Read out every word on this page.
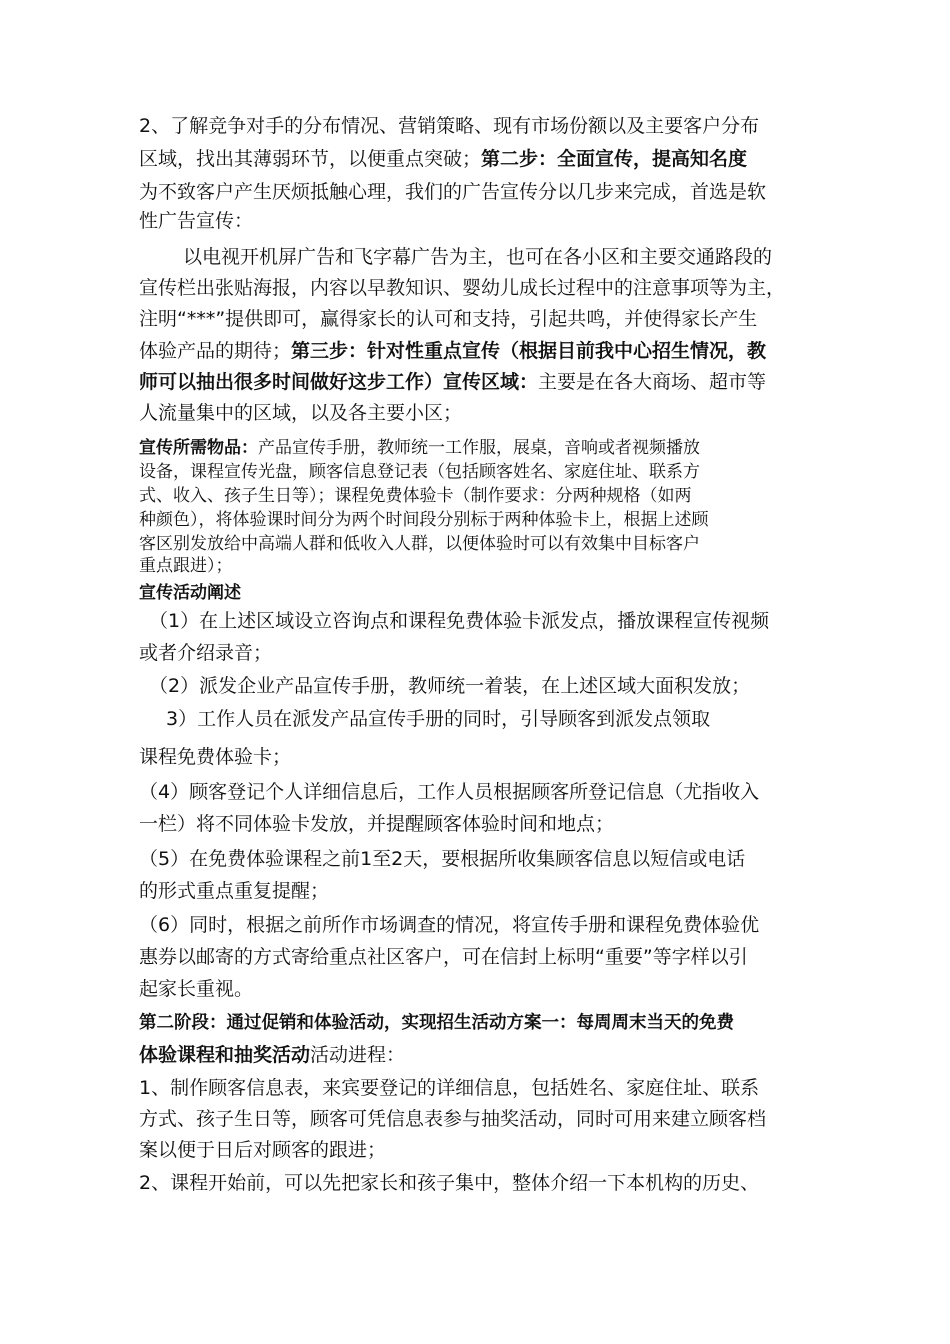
2、了解竞争对手的分布情况、营销策略、现有市场份额以及主要客户分布
区域，找出其薄弱环节，以便重点突破；第二步：全面宣传，提高知名度
为不致客户产生厌烦抵触心理，我们的广告宣传分以几步来完成，首选是软
性广告宣传：
以电视开机屏广告和飞字幕广告为主，也可在各小区和主要交通路段的
宣传栏出张贴海报，内容以早教知识、婴幼儿成长过程中的注意事项等为主，
注明“***”提供即可，赢得家长的认可和支持，引起共鸣，并使得家长产生
体验产品的期待；第三步：针对性重点宣传（根据目前我中心招生情况，教
师可以抽出很多时间做好这步工作）宣传区域：主要是在各大商场、超市等
人流量集中的区域，以及各主要小区；
宣传所需物品：产品宣传手册，教师统一工作服，展桌，音响或者视频播放
设备，课程宣传光盘，顾客信息登记表（包括顾客姓名、家庭住址、联系方
式、收入、孩子生日等）；课程免费体验卡（制作要求：分两种规格（如两
种颜色），将体验课时间分为两个时间段分别标于两种体验卡上，根据上述顾
客区别发放给中高端人群和低收入人群，以便体验时可以有效集中目标客户
重点跟进）；
宣传活动阐述
（1）在上述区域设立咨询点和课程免费体验卡派发点，播放课程宣传视频
或者介绍录音；
（2）派发企业产品宣传手册，教师统一着装，在上述区域大面积发放；
3）工作人员在派发产品宣传手册的同时，引导顾客到派发点领取
课程免费体验卡；
（4）顾客登记个人详细信息后，工作人员根据顾客所登记信息（尤指收入
一栏）将不同体验卡发放，并提醒顾客体验时间和地点；
（5）在免费体验课程之前1至2天，要根据所收集顾客信息以短信或电话
的形式重点重复提醒；
（6）同时，根据之前所作市场调查的情况，将宣传手册和课程免费体验优
惠券以邮寄的方式寄给重点社区客户，可在信封上标明“重要”等字样以引
起家长重视。
第二阶段：通过促销和体验活动，实现招生活动方案一：每周周末当天的免费
体验课程和抽奖活动活动进程：
1、制作顾客信息表，来宾要登记的详细信息，包括姓名、家庭住址、联系
方式、孩子生日等，顾客可凭信息表参与抽奖活动，同时可用来建立顾客档
案以便于日后对顾客的跟进；
2、课程开始前，可以先把家长和孩子集中，整体介绍一下本机构的历史、
